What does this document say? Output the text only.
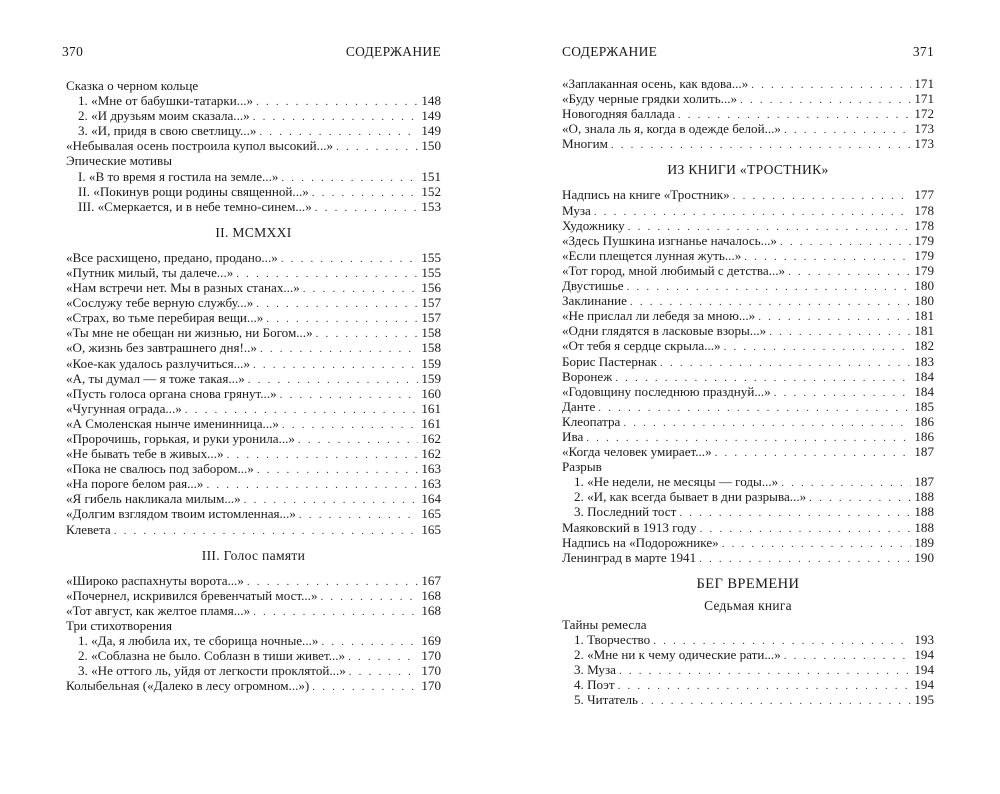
370	СОДЕРЖАНИЕ
Сказка о черном кольце
1. «Мне от бабушки-татарки...» . . .	148
2. «И друзьям моим сказала...» . . .	149
3. «И, придя в свою светлицу...» . . .	149
«Небывалая осень построила купол высокий...» . . .	150
Эпические мотивы
I. «В то время я гостила на земле...» . . .	151
II. «Покинув рощи родины священной...» . . .	152
III. «Смеркается, и в небе темно-синем...» . . .	153
II. MCMXXI
«Все расхищено, предано, продано...» . . .	155
«Путник милый, ты далече...» . . .	155
«Нам встречи нет. Мы в разных станах...» . . .	156
«Сослужу тебе верную службу...» . . .	157
«Страх, во тьме перебирая вещи...» . . .	157
«Ты мне не обещан ни жизнью, ни Богом...» . . .	158
«О, жизнь без завтрашнего дня!..» . . .	158
«Кое-как удалось разлучиться...» . . .	159
«А, ты думал — я тоже такая...» . . .	159
«Пусть голоса органа снова грянут...» . . .	160
«Чугунная ограда...» . . .	161
«А Смоленская нынче именинница...» . . .	161
«Пророчишь, горькая, и руки уронила...» . . .	162
«Не бывать тебе в живых...» . . .	162
«Пока не свалюсь под забором...» . . .	163
«На пороге белом рая...» . . .	163
«Я гибель накликала милым...» . . .	164
«Долгим взглядом твоим истомленная...» . . .	165
Клевета . . .	165
III. Голос памяти
«Широко распахнуты ворота...» . . .	167
«Почернел, искривился бревенчатый мост...» . . .	168
«Тот август, как желтое пламя...» . . .	168
Три стихотворения
1. «Да, я любила их, те сборища ночные...» . . .	169
2. «Соблазна не было. Соблазн в тиши живет...» . . .	170
3. «Не оттого ль, уйдя от легкости проклятой...» . . .	170
Колыбельная («Далеко в лесу огромном...») . . .	170
СОДЕРЖАНИЕ	371
«Заплаканная осень, как вдова...» . . .	171
«Буду черные грядки холить...» . . .	171
Новогодняя баллада . . .	172
«О, знала ль я, когда в одежде белой...» . . .	173
Многим . . .	173
ИЗ КНИГИ «ТРОСТНИК»
Надпись на книге «Тростник» . . .	177
Муза . . .	178
Художнику . . .	178
«Здесь Пушкина изгнанье началось...» . . .	179
«Если плещется лунная жуть...» . . .	179
«Тот город, мной любимый с детства...» . . .	179
Двустишье . . .	180
Заклинание . . .	180
«Не прислал ли лебедя за мною...» . . .	181
«Одни глядятся в ласковые взоры...» . . .	181
«От тебя я сердце скрыла...» . . .	182
Борис Пастернак . . .	183
Воронеж . . .	184
«Годовщину последнюю празднуй...» . . .	184
Данте . . .	185
Клеопатра . . .	186
Ива . . .	186
«Когда человек умирает...» . . .	187
Разрыв
1. «Не недели, не месяцы — годы...» . . .	187
2. «И, как всегда бывает в дни разрыва...» . . .	188
3. Последний тост . . .	188
Маяковский в 1913 году . . .	188
Надпись на «Подорожнике» . . .	189
Ленинград в марте 1941 . . .	190
БЕГ ВРЕМЕНИ
Седьмая книга
Тайны ремесла
1. Творчество . . .	193
2. «Мне ни к чему одические рати...» . . .	194
3. Муза . . .	194
4. Поэт . . .	194
5. Читатель . . .	195
